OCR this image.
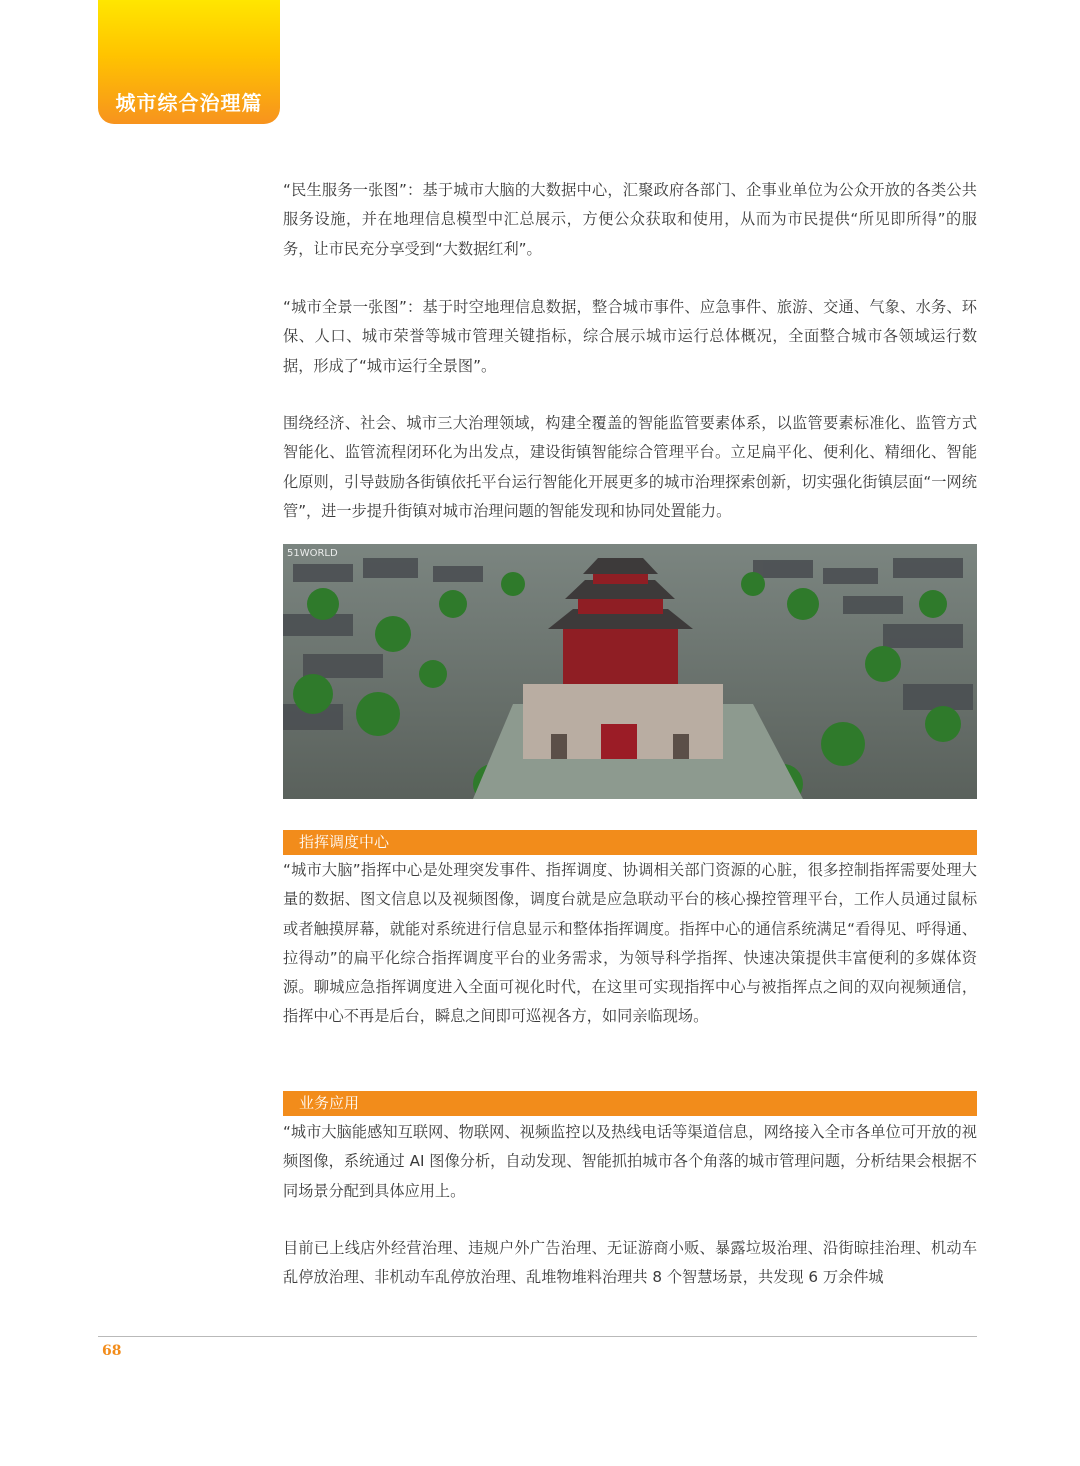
城市综合治理篇

“民生服务一张图”：基于城市大脑的大数据中心，汇聚政府各部门、企事业单位为公众开放的各类公共服务设施，并在地理信息模型中汇总展示，方便公众获取和使用，从而为市民提供“所见即所得”的服务，让市民充分享受到“大数据红利”。

“城市全景一张图”：基于时空地理信息数据，整合城市事件、应急事件、旅游、交通、气象、水务、环保、人口、城市荣誉等城市管理关键指标，综合展示城市运行总体概况，全面整合城市各领域运行数据，形成了“城市运行全景图”。

围绕经济、社会、城市三大治理领域，构建全覆盖的智能监管要素体系，以监管要素标准化、监管方式智能化、监管流程闭环化为出发点，建设街镇智能综合管理平台。立足扁平化、便利化、精细化、智能化原则，引导鼓励各街镇依托平台运行智能化开展更多的城市治理探索创新，切实强化街镇层面“一网统管”，进一步提升街镇对城市治理问题的智能发现和协同处置能力。

51WORLD
指挥调度中心

“城市大脑”指挥中心是处理突发事件、指挥调度、协调相关部门资源的心脏，很多控制指挥需要处理大量的数据、图文信息以及视频图像，调度台就是应急联动平台的核心操控管理平台，工作人员通过鼠标或者触摸屏幕，就能对系统进行信息显示和整体指挥调度。指挥中心的通信系统满足“看得见、呼得通、拉得动”的扁平化综合指挥调度平台的业务需求，为领导科学指挥、快速决策提供丰富便利的多媒体资源。聊城应急指挥调度进入全面可视化时代，在这里可实现指挥中心与被指挥点之间的双向视频通信，指挥中心不再是后台，瞬息之间即可巡视各方，如同亲临现场。

业务应用

“城市大脑能感知互联网、物联网、视频监控以及热线电话等渠道信息，网络接入全市各单位可开放的视频图像，系统通过 AI 图像分析，自动发现、智能抓拍城市各个角落的城市管理问题，分析结果会根据不同场景分配到具体应用上。

目前已上线店外经营治理、违规户外广告治理、无证游商小贩、暴露垃圾治理、沿街晾挂治理、机动车乱停放治理、非机动车乱停放治理、乱堆物堆料治理共 8 个智慧场景，共发现 6 万余件城

68
